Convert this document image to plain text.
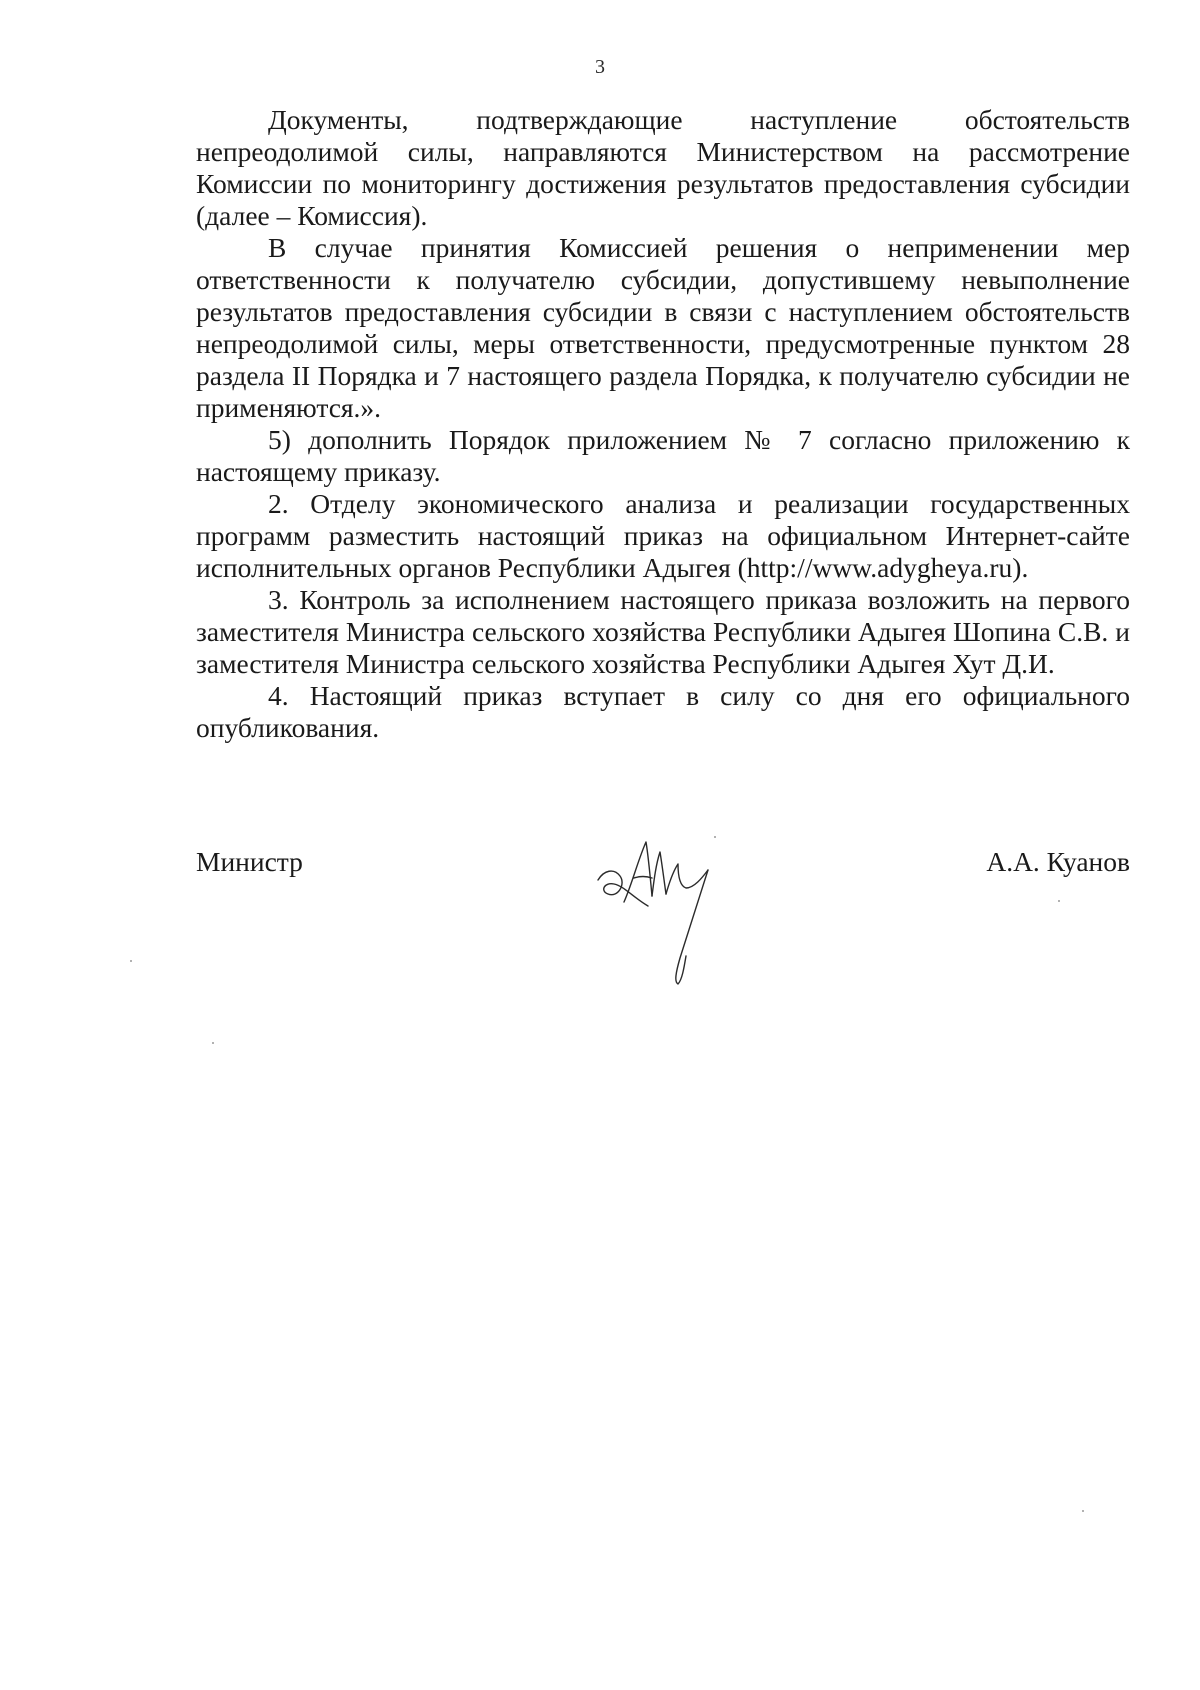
3

Документы, подтверждающие наступление обстоятельств непреодолимой силы, направляются Министерством на рассмотрение Комиссии по мониторингу достижения результатов предоставления субсидии (далее – Комиссия).

В случае принятия Комиссией решения о неприменении мер ответственности к получателю субсидии, допустившему невыполнение результатов предоставления субсидии в связи с наступлением обстоятельств непреодолимой силы, меры ответственности, предусмотренные пунктом 28 раздела II Порядка и 7 настоящего раздела Порядка, к получателю субсидии не применяются.».

5) дополнить Порядок приложением № 7 согласно приложению к настоящему приказу.

2. Отделу экономического анализа и реализации государственных программ разместить настоящий приказ на официальном Интернет-сайте исполнительных органов Республики Адыгея (http://www.adygheya.ru).

3. Контроль за исполнением настоящего приказа возложить на первого заместителя Министра сельского хозяйства Республики Адыгея Шопина С.В. и заместителя Министра сельского хозяйства Республики Адыгея Хут Д.И.

4. Настоящий приказ вступает в силу со дня его официального опубликования.

Министр	А.А. Куанов
